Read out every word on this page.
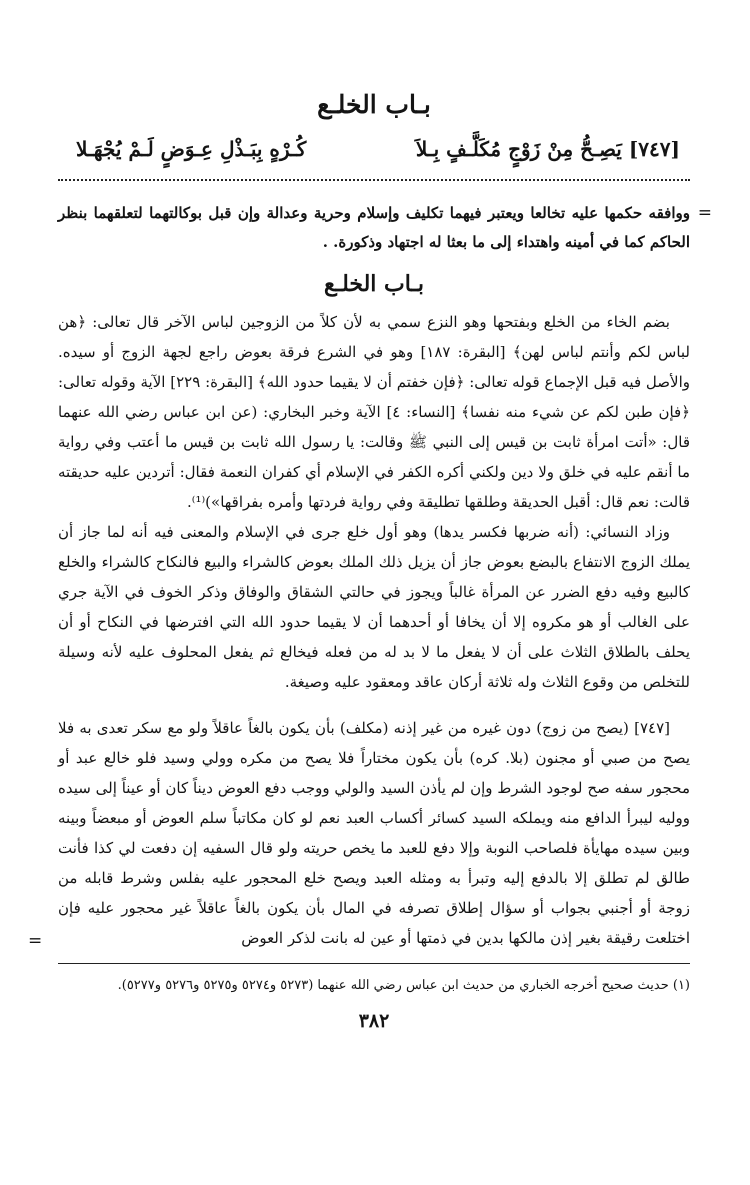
بـاب الخلـع
[٧٤٧] يَصِـحُّ مِنْ زَوْجٍ مُكَلَّـفٍ بِـلاَ
كُـرْهٍ بِبَـذْلِ عِـوَضٍ لَـمْ يُجْهَـلا
=
ووافقه حكمها عليه تخالعا ويعتبر فيهما تكليف وإسلام وحرية وعدالة وإن قبل بوكالتهما لتعلقهما بنظر الحاكم كما في أمينه واهتداء إلى ما بعثا له اجتهاد وذكورة. .
بـاب الخلـع

بضم الخاء من الخلع وبفتحها وهو النزع سمي به لأن كلاً من الزوجين لباس الآخر قال تعالى: ﴿هن لباس لكم وأنتم لباس لهن﴾ [البقرة: ١٨٧] وهو في الشرع فرقة بعوض راجع لجهة الزوج أو سيده. والأصل فيه قبل الإجماع قوله تعالى: ﴿فإن خفتم أن لا يقيما حدود الله﴾ [البقرة: ٢٢٩] الآية وقوله تعالى: ﴿فإن طبن لكم عن شيء منه نفسا﴾ [النساء: ٤] الآية وخبر البخاري: (عن ابن عباس رضي الله عنهما قال: «أتت امرأة ثابت بن قيس إلى النبي ﷺ وقالت: يا رسول الله ثابت بن قيس ما أعتب وفي رواية ما أنقم عليه في خلق ولا دين ولكني أكره الكفر في الإسلام أي كفران النعمة فقال: أتردين عليه حديقته قالت: نعم قال: أقبل الحديقة وطلقها تطليقة وفي رواية فردتها وأمره بفراقها»)⁽¹⁾.

وزاد النسائي: (أنه ضربها فكسر يدها) وهو أول خلع جرى في الإسلام والمعنى فيه أنه لما جاز أن يملك الزوج الانتفاع بالبضع بعوض جاز أن يزيل ذلك الملك بعوض كالشراء والبيع فالنكاح كالشراء والخلع كالبيع وفيه دفع الضرر عن المرأة غالباً ويجوز في حالتي الشقاق والوفاق وذكر الخوف في الآية جري على الغالب أو هو مكروه إلا أن يخافا أو أحدهما أن لا يقيما حدود الله التي افترضها في النكاح أو أن يحلف بالطلاق الثلاث على أن لا يفعل ما لا بد له من فعله فيخالع ثم يفعل المحلوف عليه لأنه وسيلة للتخلص من وقوع الثلاث وله ثلاثة أركان عاقد ومعقود عليه وصيغة.

[٧٤٧] (يصح من زوج) دون غيره من غير إذنه (مكلف) بأن يكون بالغاً عاقلاً ولو مع سكر تعدى به فلا يصح من صبي أو مجنون (بلا. كره) بأن يكون مختاراً فلا يصح من مكره وولي وسيد فلو خالع عبد أو محجور سفه صح لوجود الشرط وإن لم يأذن السيد والولي ووجب دفع العوض ديناً كان أو عيناً إلى سيده ووليه ليبرأ الدافع منه ويملكه السيد كسائر أكساب العبد نعم لو كان مكاتباً سلم العوض أو مبعضاً وبينه وبين سيده مهايأة فلصاحب النوبة وإلا دفع للعبد ما يخص حريته ولو قال السفيه إن دفعت لي كذا فأنت طالق لم تطلق إلا بالدفع إليه وتبرأ به ومثله العبد ويصح خلع المحجور عليه بفلس وشرط قابله من زوجة أو أجنبي بجواب أو سؤال إطلاق تصرفه في المال بأن يكون بالغاً عاقلاً غير محجور عليه فإن اختلعت رقيقة بغير إذن مالكها بدين في ذمتها أو عين له بانت لذكر العوض

=
(١) حديث صحيح أخرجه الخباري من حديث ابن عباس رضي الله عنهما (٥٢٧٣ و٥٢٧٤ و٥٢٧٥ و٥٢٧٦ و٥٢٧٧).
٣٨٢
